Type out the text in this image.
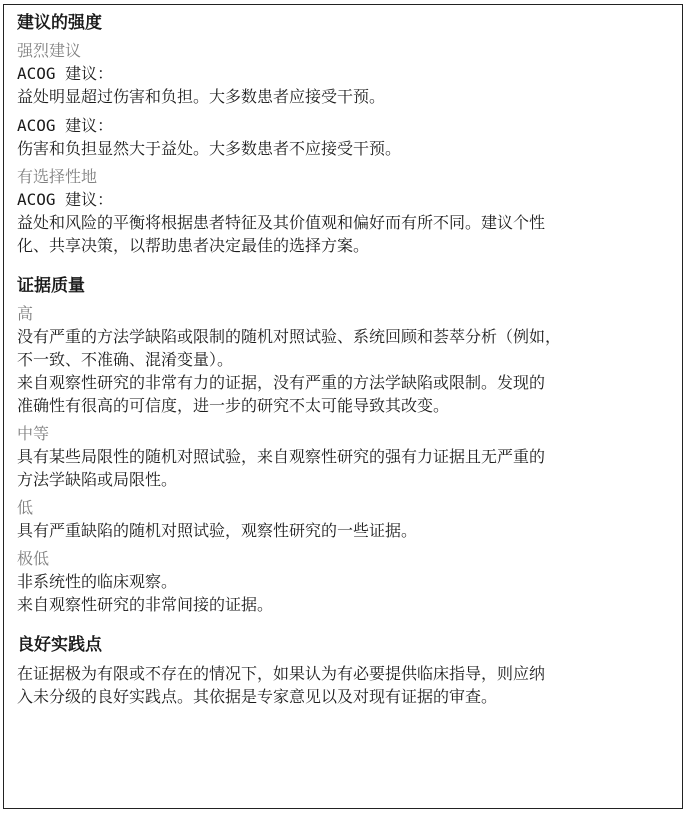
建议的强度
强烈建议
ACOG 建议：
益处明显超过伤害和负担。大多数患者应接受干预。
ACOG 建议：
伤害和负担显然大于益处。大多数患者不应接受干预。
有选择性地
ACOG 建议：
益处和风险的平衡将根据患者特征及其价值观和偏好而有所不同。建议个性
化、共享决策，以帮助患者决定最佳的选择方案。
证据质量
高
没有严重的方法学缺陷或限制的随机对照试验、系统回顾和荟萃分析（例如，
不一致、不准确、混淆变量）。
来自观察性研究的非常有力的证据，没有严重的方法学缺陷或限制。发现的
准确性有很高的可信度，进一步的研究不太可能导致其改变。
中等
具有某些局限性的随机对照试验，来自观察性研究的强有力证据且无严重的
方法学缺陷或局限性。
低
具有严重缺陷的随机对照试验，观察性研究的一些证据。
极低
非系统性的临床观察。
来自观察性研究的非常间接的证据。
良好实践点
在证据极为有限或不存在的情况下，如果认为有必要提供临床指导，则应纳
入未分级的良好实践点。其依据是专家意见以及对现有证据的审查。
